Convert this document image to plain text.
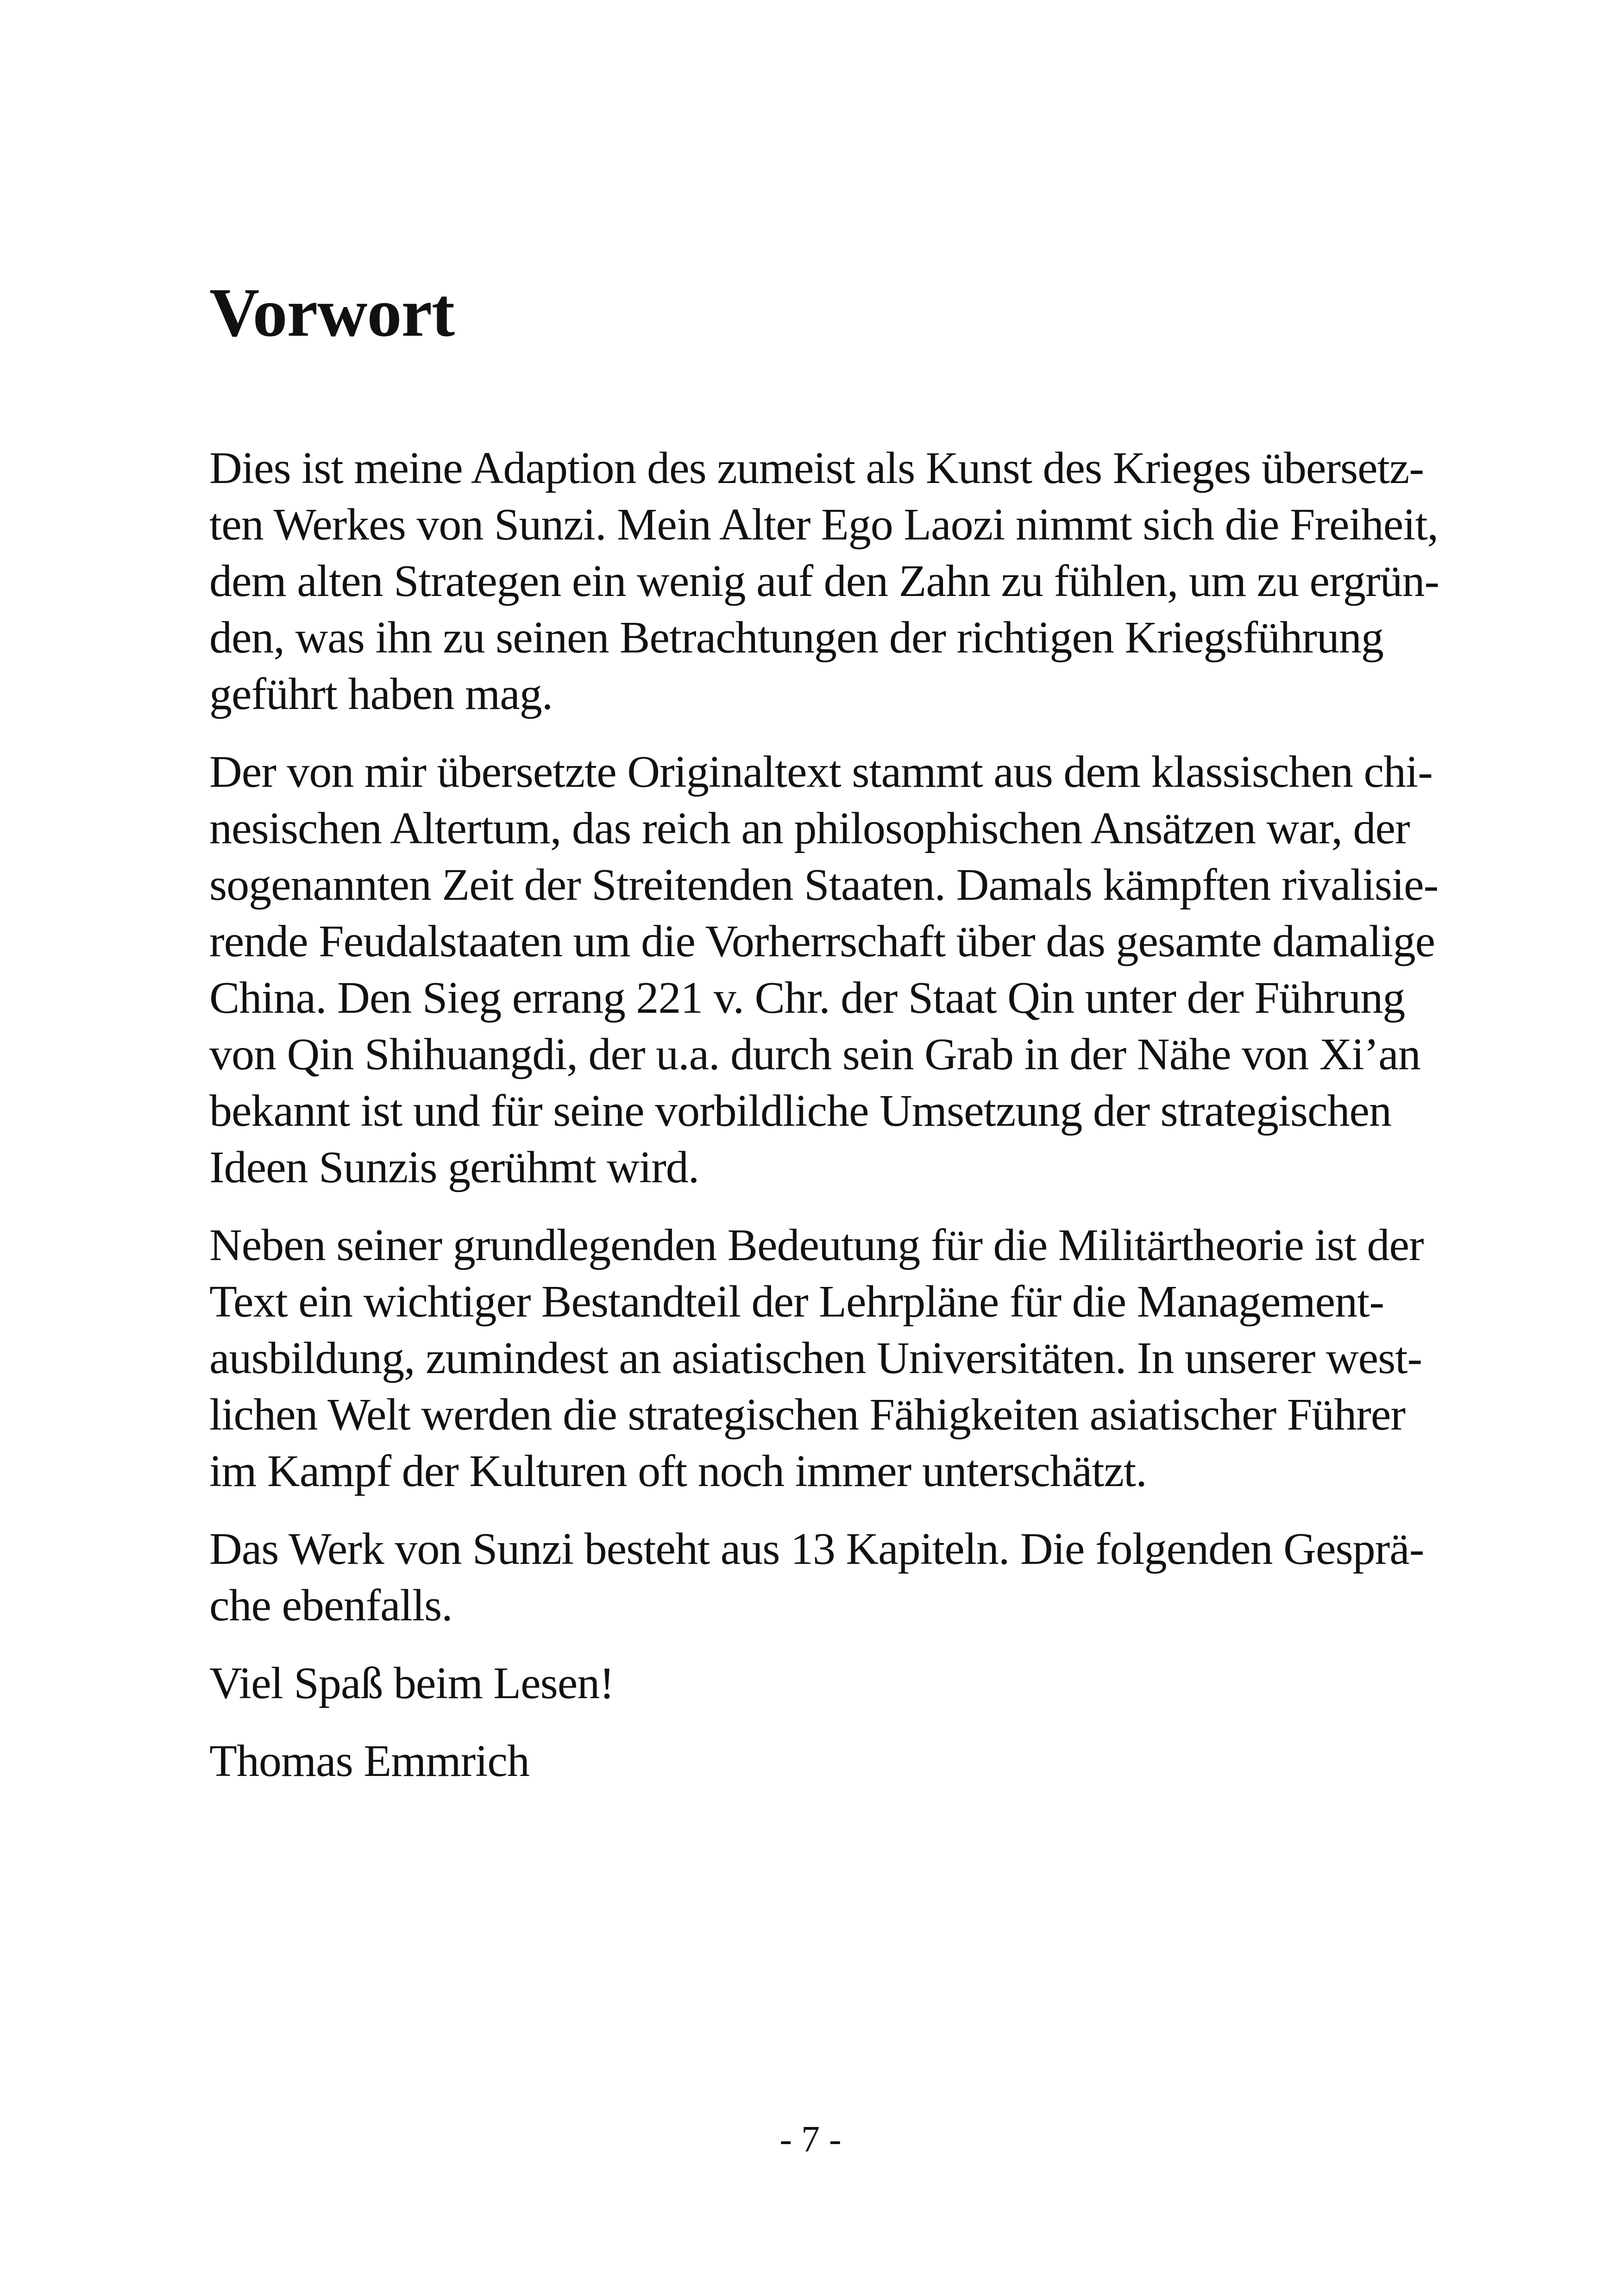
Vorwort

Dies ist meine Adaption des zumeist als Kunst des Krieges übersetz-
ten Werkes von Sunzi. Mein Alter Ego Laozi nimmt sich die Freiheit,
dem alten Strategen ein wenig auf den Zahn zu fühlen, um zu ergrün-
den, was ihn zu seinen Betrachtungen der richtigen Kriegsführung
geführt haben mag.

Der von mir übersetzte Originaltext stammt aus dem klassischen chi-
nesischen Altertum, das reich an philosophischen Ansätzen war, der
sogenannten Zeit der Streitenden Staaten. Damals kämpften rivalisie-
rende Feudalstaaten um die Vorherrschaft über das gesamte damalige
China. Den Sieg errang 221 v. Chr. der Staat Qin unter der Führung
von Qin Shihuangdi, der u.a. durch sein Grab in der Nähe von Xi’an
bekannt ist und für seine vorbildliche Umsetzung der strategischen
Ideen Sunzis gerühmt wird.

Neben seiner grundlegenden Bedeutung für die Militärtheorie ist der
Text ein wichtiger Bestandteil der Lehrpläne für die Management-
ausbildung, zumindest an asiatischen Universitäten. In unserer west-
lichen Welt werden die strategischen Fähigkeiten asiatischer Führer
im Kampf der Kulturen oft noch immer unterschätzt.

Das Werk von Sunzi besteht aus 13 Kapiteln. Die folgenden Gesprä-
che ebenfalls.

Viel Spaß beim Lesen!

Thomas Emmrich

- 7 -
